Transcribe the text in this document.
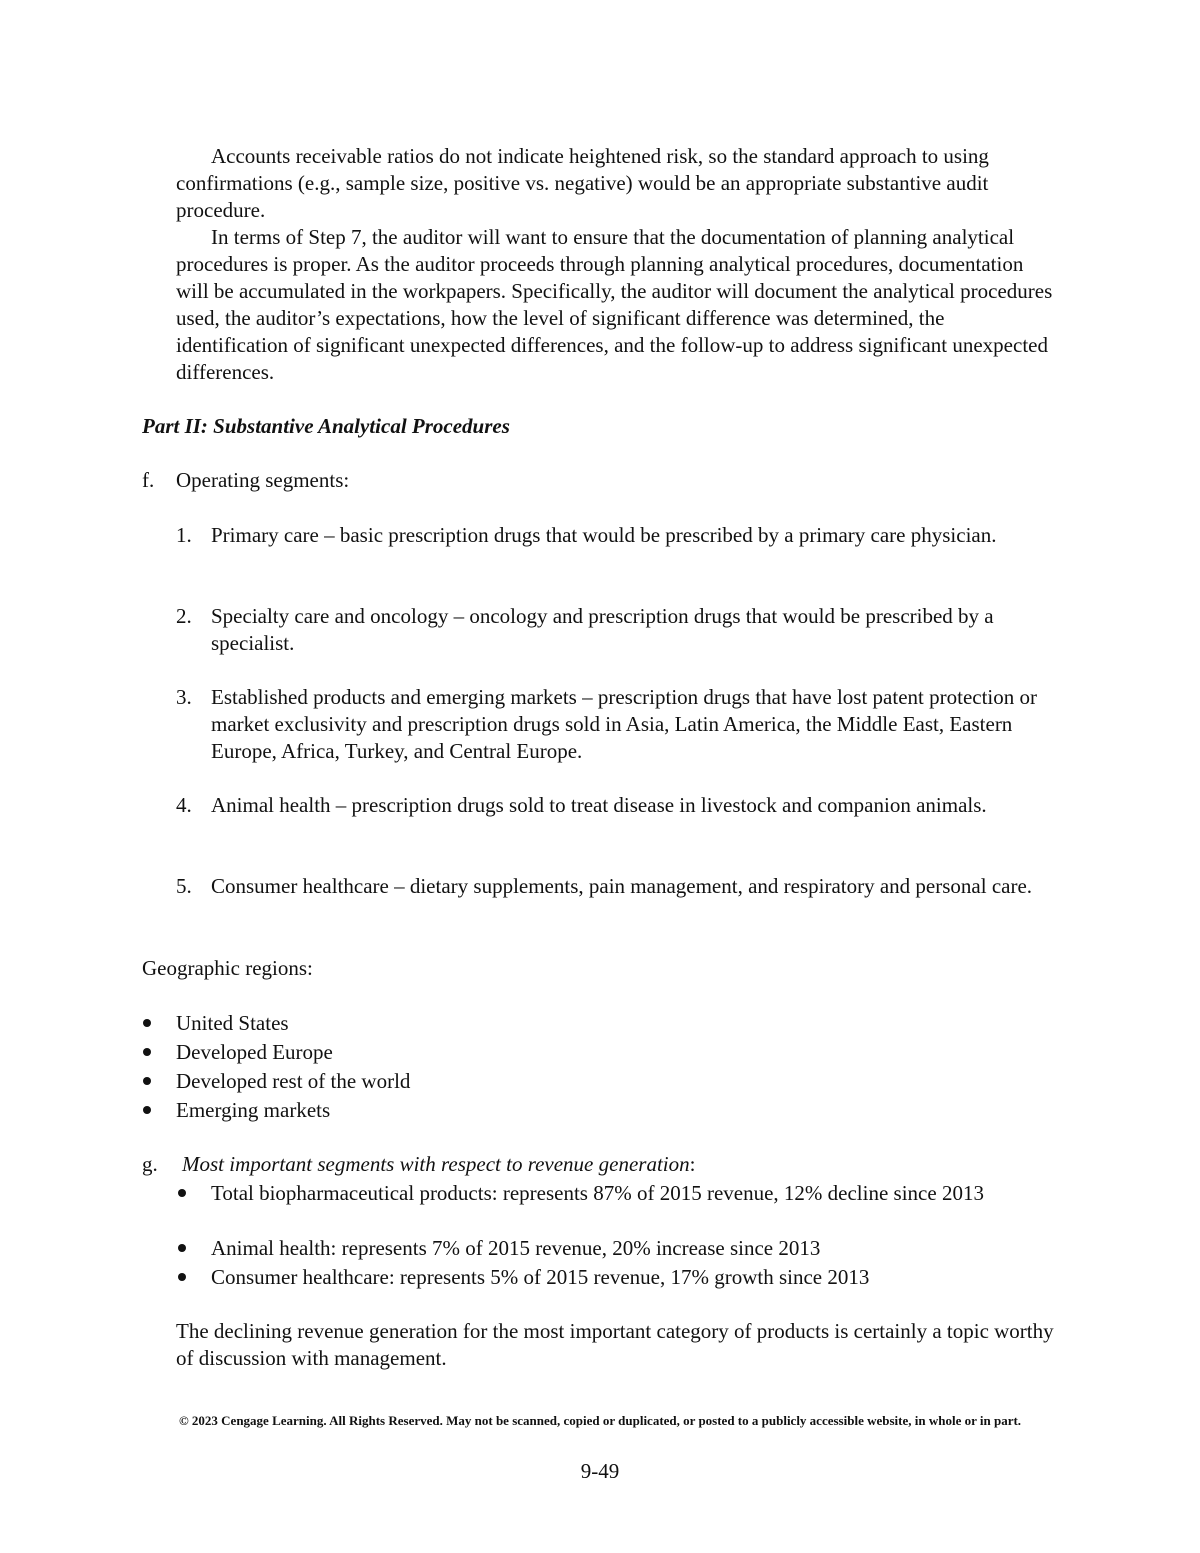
Accounts receivable ratios do not indicate heightened risk, so the standard approach to using confirmations (e.g., sample size, positive vs. negative) would be an appropriate substantive audit procedure.

In terms of Step 7, the auditor will want to ensure that the documentation of planning analytical procedures is proper. As the auditor proceeds through planning analytical procedures, documentation will be accumulated in the workpapers. Specifically, the auditor will document the analytical procedures used, the auditor’s expectations, how the level of significant difference was determined, the identification of significant unexpected differences, and the follow-up to address significant unexpected differences.

Part II: Substantive Analytical Procedures

f. Operating segments:

1. Primary care – basic prescription drugs that would be prescribed by a primary care physician.

2. Specialty care and oncology – oncology and prescription drugs that would be prescribed by a specialist.

3. Established products and emerging markets – prescription drugs that have lost patent protection or market exclusivity and prescription drugs sold in Asia, Latin America, the Middle East, Eastern Europe, Africa, Turkey, and Central Europe.

4. Animal health – prescription drugs sold to treat disease in livestock and companion animals.

5. Consumer healthcare – dietary supplements, pain management, and respiratory and personal care.

Geographic regions:

United States

Developed Europe

Developed rest of the world

Emerging markets

g. Most important segments with respect to revenue generation:

Total biopharmaceutical products: represents 87% of 2015 revenue, 12% decline since 2013

Animal health: represents 7% of 2015 revenue, 20% increase since 2013

Consumer healthcare: represents 5% of 2015 revenue, 17% growth since 2013

The declining revenue generation for the most important category of products is certainly a topic worthy of discussion with management.

© 2023 Cengage Learning. All Rights Reserved. May not be scanned, copied or duplicated, or posted to a publicly accessible website, in whole or in part.

9-49
